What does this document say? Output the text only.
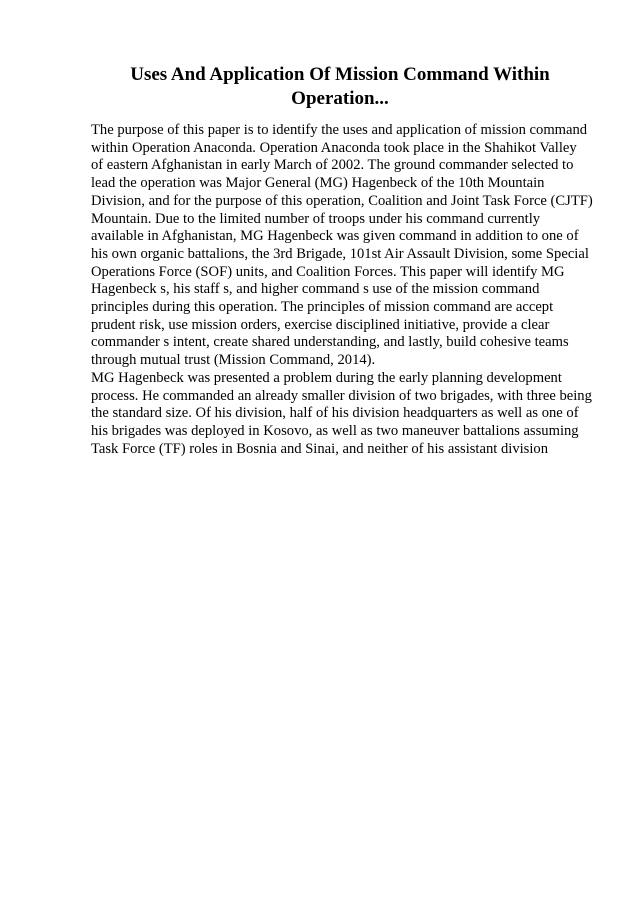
Uses And Application Of Mission Command Within
Operation...
The purpose of this paper is to identify the uses and application of mission command
within Operation Anaconda. Operation Anaconda took place in the Shahikot Valley
of eastern Afghanistan in early March of 2002. The ground commander selected to
lead the operation was Major General (MG) Hagenbeck of the 10th Mountain
Division, and for the purpose of this operation, Coalition and Joint Task Force (CJTF)
Mountain. Due to the limited number of troops under his command currently
available in Afghanistan, MG Hagenbeck was given command in addition to one of
his own organic battalions, the 3rd Brigade, 101st Air Assault Division, some Special
Operations Force (SOF) units, and Coalition Forces. This paper will identify MG
Hagenbeck s, his staff s, and higher command s use of the mission command
principles during this operation. The principles of mission command are accept
prudent risk, use mission orders, exercise disciplined initiative, provide a clear
commander s intent, create shared understanding, and lastly, build cohesive teams
through mutual trust (Mission Command, 2014).
MG Hagenbeck was presented a problem during the early planning development
process. He commanded an already smaller division of two brigades, with three being
the standard size. Of his division, half of his division headquarters as well as one of
his brigades was deployed in Kosovo, as well as two maneuver battalions assuming
Task Force (TF) roles in Bosnia and Sinai, and neither of his assistant division
